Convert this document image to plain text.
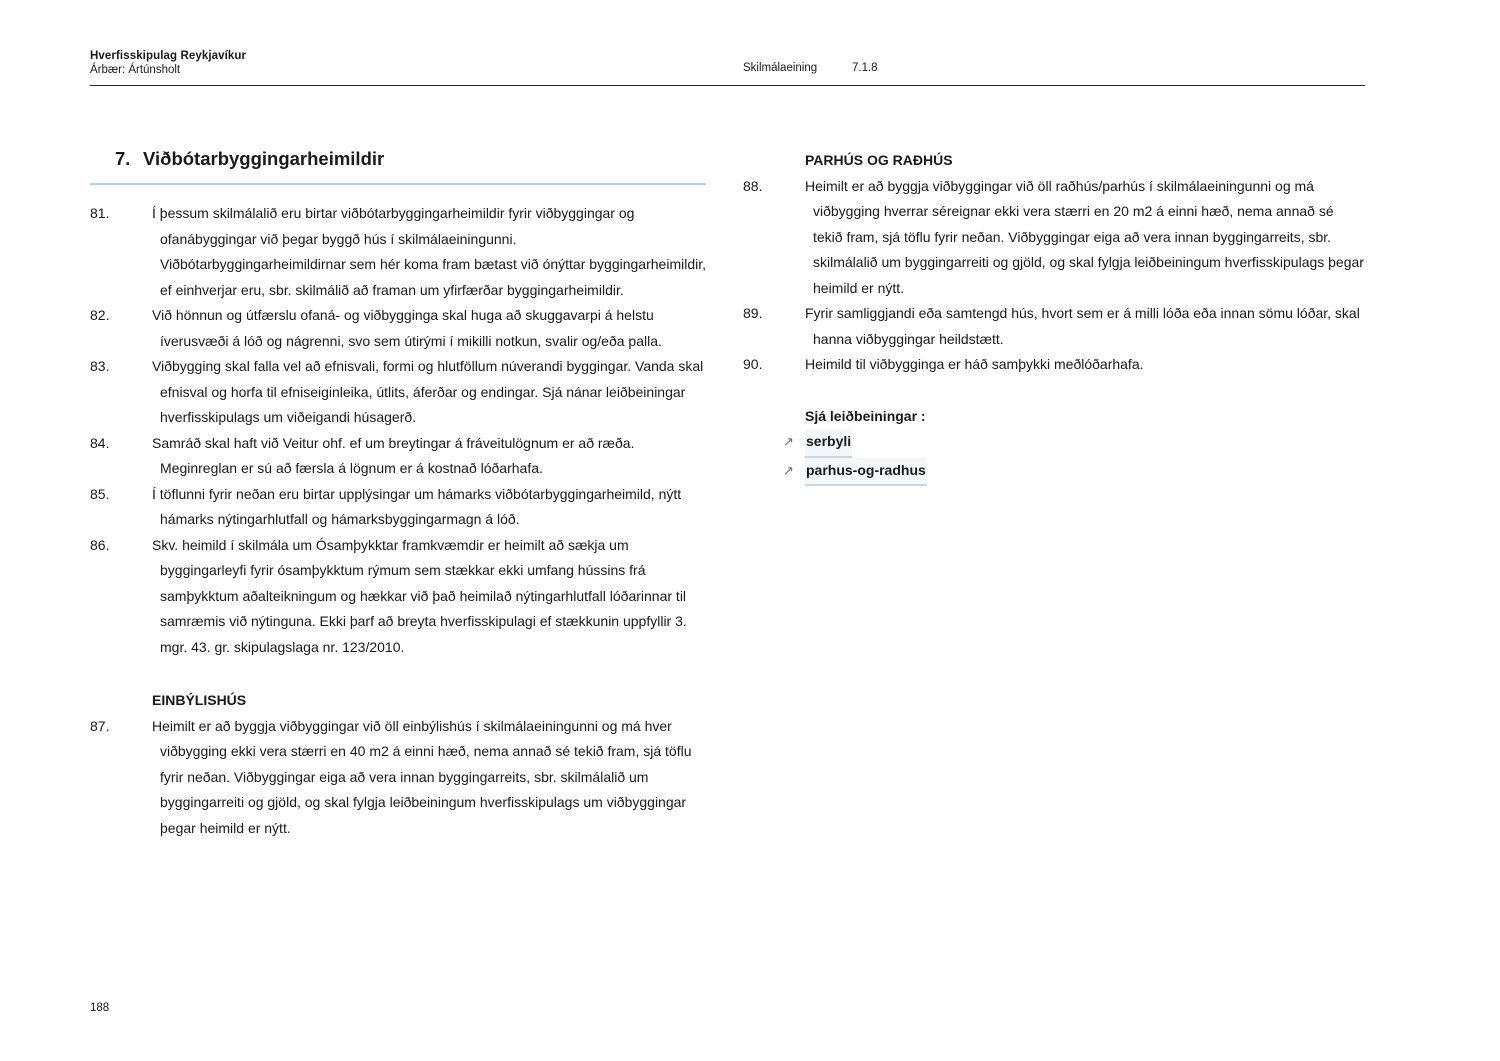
Hverfisskipulag Reykjavíkur
Árbær: Ártúnsholt	Skilmálaeining	7.1.8
7. Viðbótarbyggingarheimildir
81.	Í þessum skilmálalið eru birtar viðbótarbyggingarheimildir fyrir viðbyggingar og ofanábyggingar við þegar byggð hús í skilmálaeiningunni. Viðbótarbyggingarheimildirnar sem hér koma fram bætast við ónýttar byggingarheimildir, ef einhverjar eru, sbr. skilmálið að framan um yfirfærðar byggingarheimildir.
82.	Við hönnun og útfærslu ofaná- og viðbygginga skal huga að skuggavarpi á helstu íverusvæði á lóð og nágrenni, svo sem útirými í mikilli notkun, svalir og/eða palla.
83.	Viðbygging skal falla vel að efnisvali, formi og hlutföllum núverandi byggingar. Vanda skal efnisval og horfa til efniseiginleika, útlits, áferðar og endingar. Sjá nánar leiðbeiningar hverfisskipulags um viðeigandi húsagerð.
84.	Samráð skal haft við Veitur ohf. ef um breytingar á fráveitulögnum er að ræða. Meginreglan er sú að færsla á lögnum er á kostnað lóðarhafa.
85.	Í töflunni fyrir neðan eru birtar upplýsingar um hámarks viðbótarbyggingarheimild, nýtt hámarks nýtingarhlutfall og hámarksbyggingarmagn á lóð.
86.	Skv. heimild í skilmála um Ósamþykktar framkvæmdir er heimilt að sækja um byggingarleyfi fyrir ósamþykktum rýmum sem stækkar ekki umfang hússins frá samþykktum aðalteikningum og hækkar við það heimilað nýtingarhlutfall lóðarinnar til samræmis við nýtinguna. Ekki þarf að breyta hverfisskipulagi ef stækkunin uppfyllir 3. mgr. 43. gr. skipulagslaga nr. 123/2010.
EINBÝLISHÚS
87.	Heimilt er að byggja viðbyggingar við öll einbýlishús í skilmálaeiningunni og má hver viðbygging ekki vera stærri en 40 m2 á einni hæð, nema annað sé tekið fram, sjá töflu fyrir neðan. Viðbyggingar eiga að vera innan byggingarreits, sbr. skilmálalið um byggingarreiti og gjöld, og skal fylgja leiðbeiningum hverfisskipulags um viðbyggingar þegar heimild er nýtt.
PARHÚS OG RAÐHÚS
88.	Heimilt er að byggja viðbyggingar við öll raðhús/parhús í skilmálaeiningunni og má viðbygging hverrar séreignar ekki vera stærri en 20 m2 á einni hæð, nema annað sé tekið fram, sjá töflu fyrir neðan. Viðbyggingar eiga að vera innan byggingarreits, sbr. skilmálalið um byggingarreiti og gjöld, og skal fylgja leiðbeiningum hverfisskipulags þegar heimild er nýtt.
89.	Fyrir samliggjandi eða samtengd hús, hvort sem er á milli lóða eða innan sömu lóðar, skal hanna viðbyggingar heildstætt.
90.	Heimild til viðbygginga er háð samþykki meðlóðarhafa.
Sjá leiðbeiningar :
↗ serbyli
↗ parhus-og-radhus
188
